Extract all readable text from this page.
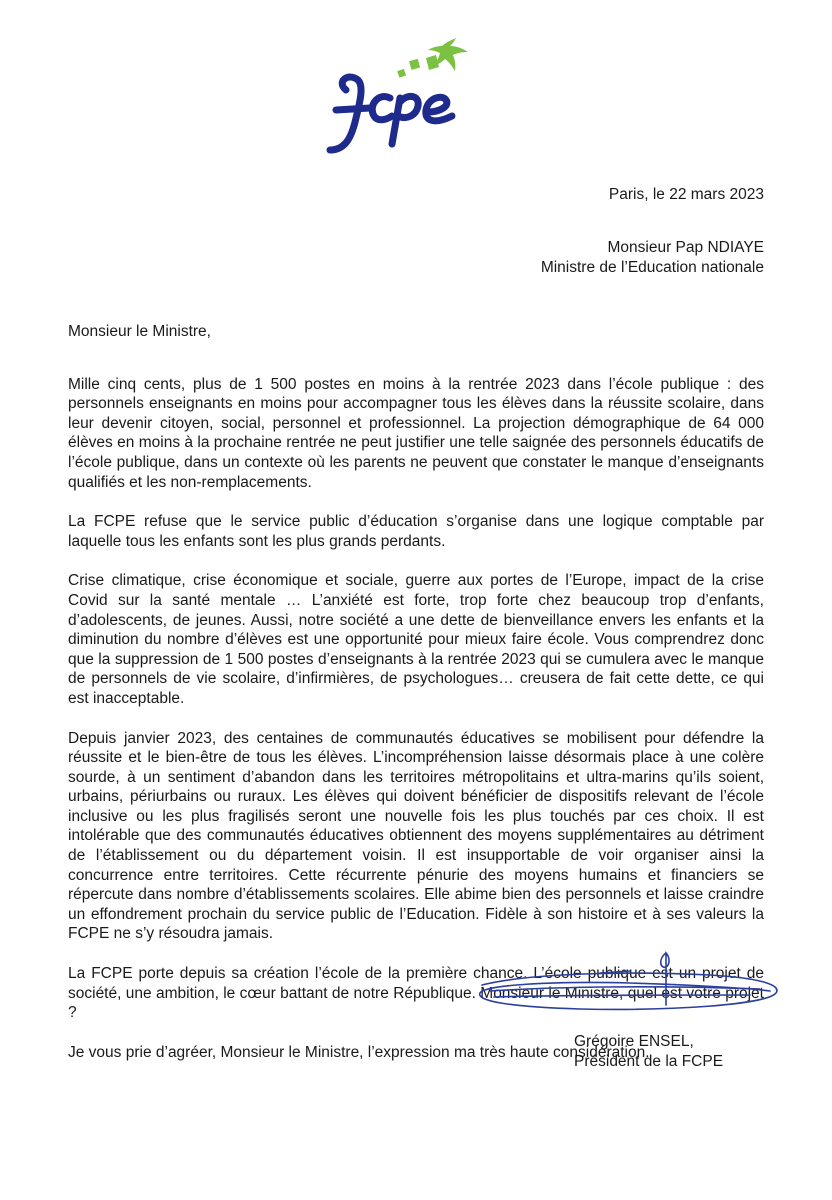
Paris, le 22 mars 2023
Monsieur Pap NDIAYE
Ministre de l’Education nationale

Monsieur le Ministre,

Mille cinq cents, plus de 1 500 postes en moins à la rentrée 2023 dans l’école publique : des personnels enseignants en moins pour accompagner tous les élèves dans la réussite scolaire, dans leur devenir citoyen, social, personnel et professionnel. La projection démographique de 64 000 élèves en moins à la prochaine rentrée ne peut justifier une telle saignée des personnels éducatifs de l’école publique, dans un contexte où les parents ne peuvent que constater le manque d’enseignants qualifiés et les non-remplacements.

La FCPE refuse que le service public d’éducation s’organise dans une logique comptable par laquelle tous les enfants sont les plus grands perdants.

Crise climatique, crise économique et sociale, guerre aux portes de l’Europe, impact de la crise Covid sur la santé mentale … L’anxiété est forte, trop forte chez beaucoup trop d’enfants, d’adolescents, de jeunes. Aussi, notre société a une dette de bienveillance envers les enfants et la diminution du nombre d’élèves est une opportunité pour mieux faire école. Vous comprendrez donc que la suppression de 1 500 postes d’enseignants à la rentrée 2023 qui se cumulera avec le manque de personnels de vie scolaire, d’infirmières, de psychologues… creusera de fait cette dette, ce qui est inacceptable.

Depuis janvier 2023, des centaines de communautés éducatives se mobilisent pour défendre la réussite et le bien-être de tous les élèves. L’incompréhension laisse désormais place à une colère sourde, à un sentiment d’abandon dans les territoires métropolitains et ultra-marins qu’ils soient, urbains, périurbains ou ruraux. Les élèves qui doivent bénéficier de dispositifs relevant de l’école inclusive ou les plus fragilisés seront une nouvelle fois les plus touchés par ces choix. Il est intolérable que des communautés éducatives obtiennent des moyens supplémentaires au détriment de l’établissement ou du département voisin. Il est insupportable de voir organiser ainsi la concurrence entre territoires. Cette récurrente pénurie des moyens humains et financiers se répercute dans nombre d’établissements scolaires. Elle abime bien des personnels et laisse craindre un effondrement prochain du service public de l’Education. Fidèle à son histoire et à ses valeurs la FCPE ne s’y résoudra jamais.

La FCPE porte depuis sa création l’école de la première chance. L’école publique est un projet de société, une ambition, le cœur battant de notre République. Monsieur le Ministre, quel est votre projet ?

Je vous prie d’agréer, Monsieur le Ministre, l’expression ma très haute considération.

Grégoire ENSEL,
Président de la FCPE
